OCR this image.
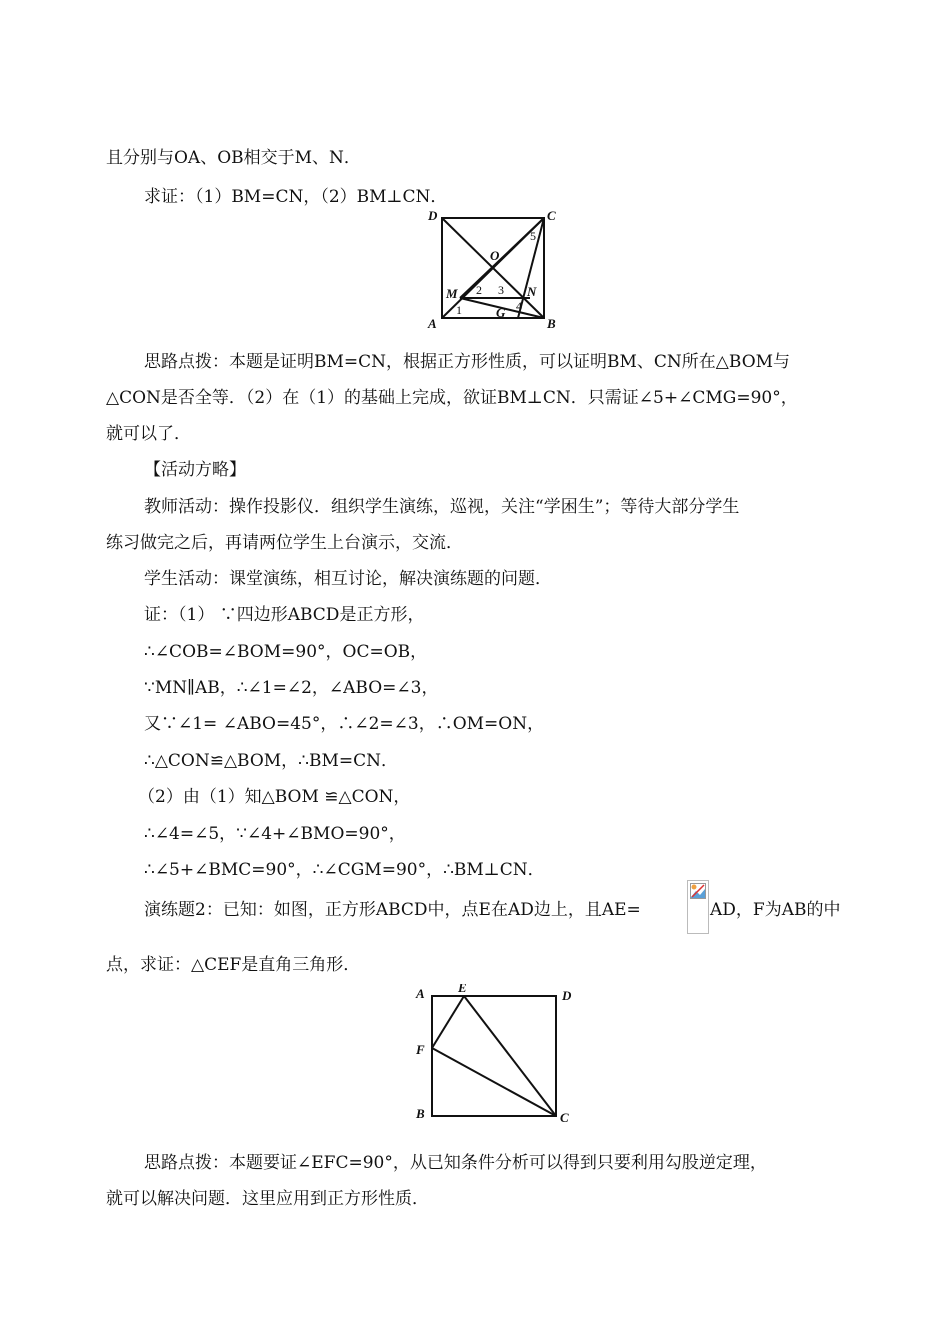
且分别与OA、OB相交于M、N．
求证：（1）BM=CN，（2）BM⊥CN．
D	C
O
M	N
A	B
G
1
2 3
4
5
思路点拨：本题是证明BM=CN，根据正方形性质，可以证明BM、CN所在△BOM与
△CON是否全等．（2）在（1）的基础上完成，欲证BM⊥CN．只需证∠5+∠CMG=90°，
就可以了．
【活动方略】
教师活动：操作投影仪．组织学生演练，巡视，关注“学困生”；等待大部分学生
练习做完之后，再请两位学生上台演示，交流．
学生活动：课堂演练，相互讨论，解决演练题的问题．
证：（1） ∵四边形ABCD是正方形，
∴∠COB=∠BOM=90°，OC=OB，
∵MN∥AB，∴∠1=∠2，∠ABO=∠3，
又∵∠1= ∠ABO=45°，∴∠2=∠3，∴OM=ON，
∴△CON≌△BOM，∴BM=CN．
（2）由（1）知△BOM ≌△CON，
∴∠4=∠5，∵∠4+∠BMO=90°，
∴∠5+∠BMC=90°，∴∠CGM=90°，∴BM⊥CN．
演练题2：已知：如图，正方形ABCD中，点E在AD边上，且AE=	AD，F为AB的中
点，求证：△CEF是直角三角形．
A	E
D
F
B	C
思路点拨：本题要证∠EFC=90°，从已知条件分析可以得到只要利用勾股逆定理，
就可以解决问题．这里应用到正方形性质．
